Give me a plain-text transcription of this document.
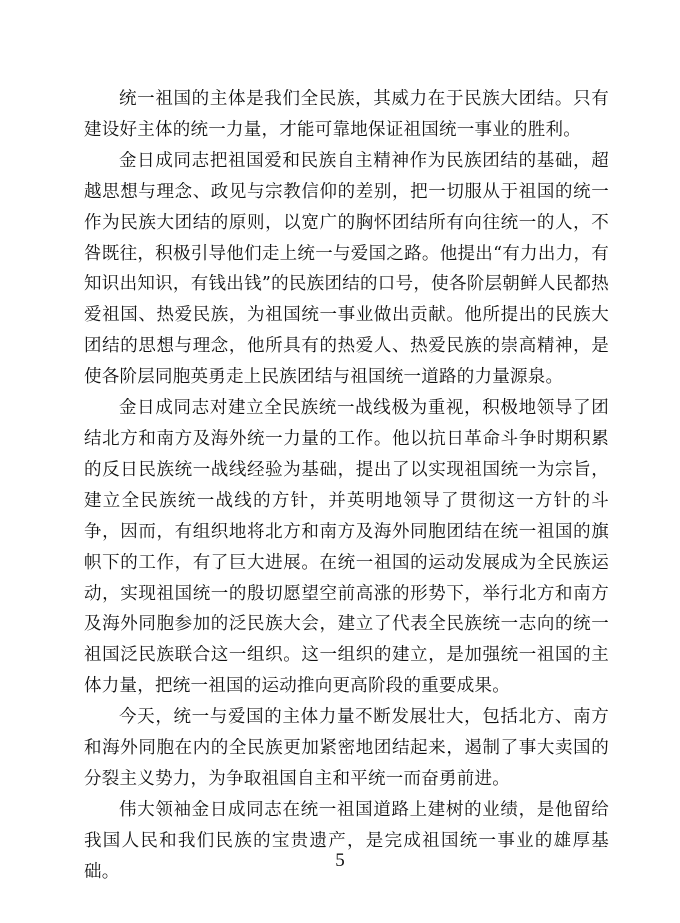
统一祖国的主体是我们全民族，其威力在于民族大团结。只有建设好主体的统一力量，才能可靠地保证祖国统一事业的胜利。

金日成同志把祖国爱和民族自主精神作为民族团结的基础，超越思想与理念、政见与宗教信仰的差别，把一切服从于祖国的统一作为民族大团结的原则，以宽广的胸怀团结所有向往统一的人，不咎既往，积极引导他们走上统一与爱国之路。他提出“有力出力，有知识出知识，有钱出钱”的民族团结的口号，使各阶层朝鲜人民都热爱祖国、热爱民族，为祖国统一事业做出贡献。他所提出的民族大团结的思想与理念，他所具有的热爱人、热爱民族的崇高精神，是使各阶层同胞英勇走上民族团结与祖国统一道路的力量源泉。

金日成同志对建立全民族统一战线极为重视，积极地领导了团结北方和南方及海外统一力量的工作。他以抗日革命斗争时期积累的反日民族统一战线经验为基础，提出了以实现祖国统一为宗旨，建立全民族统一战线的方针，并英明地领导了贯彻这一方针的斗争，因而，有组织地将北方和南方及海外同胞团结在统一祖国的旗帜下的工作，有了巨大进展。在统一祖国的运动发展成为全民族运动，实现祖国统一的殷切愿望空前高涨的形势下，举行北方和南方及海外同胞参加的泛民族大会，建立了代表全民族统一志向的统一祖国泛民族联合这一组织。这一组织的建立，是加强统一祖国的主体力量，把统一祖国的运动推向更高阶段的重要成果。

今天，统一与爱国的主体力量不断发展壮大，包括北方、南方和海外同胞在内的全民族更加紧密地团结起来，遏制了事大卖国的分裂主义势力，为争取祖国自主和平统一而奋勇前进。

伟大领袖金日成同志在统一祖国道路上建树的业绩，是他留给我国人民和我们民族的宝贵遗产，是完成祖国统一事业的雄厚基础。

5
